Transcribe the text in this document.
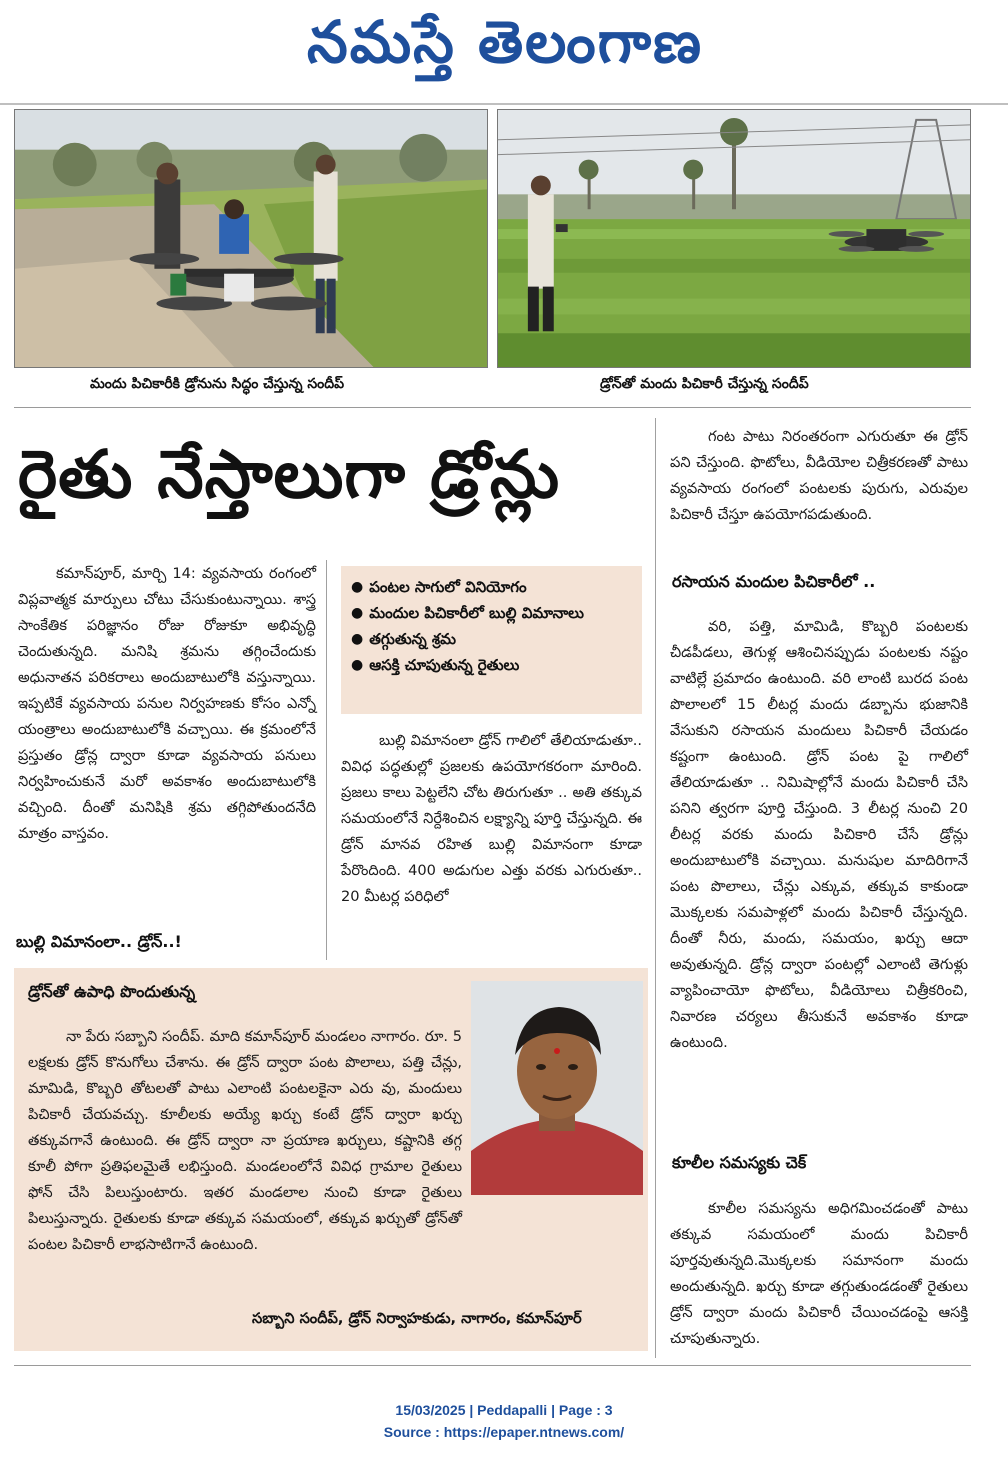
నమస్తే తెలంగాణ
మందు పిచికారీకి డ్రోనును సిద్ధం చేస్తున్న సందీప్	డ్రోన్‌తో మందు పిచికారీ చేస్తున్న సందీప్
రైతు నేస్తాలుగా డ్రోన్లు
కమాన్‌పూర్, మార్చి 14: వ్యవసాయ రంగంలో విప్లవాత్మక మార్పులు చోటు చేసుకుంటున్నాయి. శాస్త్ర సాంకేతిక పరిజ్ఞానం రోజు రోజుకూ అభివృద్ధి చెందుతున్నది. మనిషి శ్రమను తగ్గించేందుకు అధునాతన పరికరాలు అందుబాటులోకి వస్తున్నాయి. ఇప్పటికే వ్యవసాయ పనుల నిర్వహణకు కోసం ఎన్నో యంత్రాలు అందుబాటులోకి వచ్చాయి. ఈ క్రమంలోనే ప్రస్తుతం డ్రోన్ల ద్వారా కూడా వ్యవసాయ పనులు నిర్వహించుకునే మరో అవకాశం అందుబాటులోకి వచ్చింది. దీంతో మనిషికి శ్రమ తగ్గిపోతుందనేది మాత్రం వాస్తవం.
బుల్లి విమానంలా.. డ్రోన్..!
● పంటల సాగులో వినియోగం
● మందుల పిచికారీలో బుల్లి విమానాలు
● తగ్గుతున్న శ్రమ
● ఆసక్తి చూపుతున్న రైతులు
బుల్లి విమానంలా డ్రోన్ గాలిలో తేలియాడుతూ.. వివిధ పద్ధతుల్లో ప్రజలకు ఉపయోగకరంగా మారింది. ప్రజలు కాలు పెట్టలేని చోట తిరుగుతూ .. అతి తక్కువ సమయంలోనే నిర్దేశించిన లక్ష్యాన్ని పూర్తి చేస్తున్నది. ఈ డ్రోన్ మానవ రహిత బుల్లి విమానంగా కూడా పేరొందింది. 400 అడుగుల ఎత్తు వరకు ఎగురుతూ.. 20 మీటర్ల పరిధిలో
గంట పాటు నిరంతరంగా ఎగురుతూ ఈ డ్రోన్ పని చేస్తుంది. ఫొటోలు, వీడియోల చిత్రీకరణతో పాటు వ్యవసాయ రంగంలో పంటలకు పురుగు, ఎరువుల పిచికారీ చేస్తూ ఉపయోగపడుతుంది.
రసాయన మందుల పిచికారీలో ..
వరి, పత్తి, మామిడి, కొబ్బరి పంటలకు చీడపీడలు, తెగుళ్ల ఆశించినప్పుడు పంటలకు నష్టం వాటిల్లే ప్రమాదం ఉంటుంది. వరి లాంటి బురద పంట పొలాలలో 15 లీటర్ల మందు డబ్బాను భుజానికి వేసుకుని రసాయన మందులు పిచికారీ చేయడం కష్టంగా ఉంటుంది. డ్రోన్ పంట పై గాలిలో తేలియాడుతూ .. నిమిషాల్లోనే మందు పిచికారీ చేసి పనిని త్వరగా పూర్తి చేస్తుంది. 3 లీటర్ల నుంచి 20 లీటర్ల వరకు మందు పిచికారి చేసే డ్రోన్లు అందుబాటులోకి వచ్చాయి. మనుషుల మాదిరిగానే పంట పొలాలు, చేన్లు ఎక్కువ, తక్కువ కాకుండా మొక్కలకు సమపాళ్లలో మందు పిచికారీ చేస్తున్నది. దీంతో నీరు, మందు, సమయం, ఖర్చు ఆదా అవుతున్నది. డ్రోన్ల ద్వారా పంటల్లో ఎలాంటి తెగుళ్లు వ్యాపించాయో ఫొటోలు, వీడియోలు చిత్రీకరించి, నివారణ చర్యలు తీసుకునే అవకాశం కూడా ఉంటుంది.
కూలీల సమస్యకు చెక్
కూలీల సమస్యను అధిగమించడంతో పాటు తక్కువ సమయంలో మందు పిచికారీ పూర్తవుతున్నది.మొక్కలకు సమానంగా మందు అందుతున్నది. ఖర్చు కూడా తగ్గుతుండడంతో రైతులు డ్రోన్ ద్వారా మందు పిచికారీ చేయించడంపై ఆసక్తి చూపుతున్నారు.
డ్రోన్‌తో ఉపాధి పొందుతున్న
నా పేరు సబ్బాని సందీప్. మాది కమాన్‌పూర్ మండలం నాగారం. రూ. 5 లక్షలకు డ్రోన్ కొనుగోలు చేశాను. ఈ డ్రోన్ ద్వారా పంట పొలాలు, పత్తి చేన్లు, మామిడి, కొబ్బరి తోటలతో పాటు ఎలాంటి పంటలకైనా ఎరు వు, మందులు పిచికారీ చేయవచ్చు. కూలీలకు అయ్యే ఖర్చు కంటే డ్రోన్ ద్వారా ఖర్చు తక్కువగానే ఉంటుంది. ఈ డ్రోన్ ద్వారా నా ప్రయాణ ఖర్చులు, కష్టానికి తగ్గ కూలీ పోగా ప్రతిఫలమైతే లభిస్తుంది. మండలంలోనే వివిధ గ్రామాల రైతులు ఫోన్ చేసి పిలుస్తుంటారు. ఇతర మండలాల నుంచి కూడా రైతులు పిలుస్తున్నారు. రైతులకు కూడా తక్కువ సమయంలో, తక్కువ ఖర్చుతో డ్రోన్‌తో పంటల పిచికారీ లాభసాటిగానే ఉంటుంది.
సబ్బాని సందీప్, డ్రోన్ నిర్వాహకుడు, నాగారం, కమాన్‌పూర్
15/03/2025 | Peddapalli | Page : 3
Source : https://epaper.ntnews.com/
